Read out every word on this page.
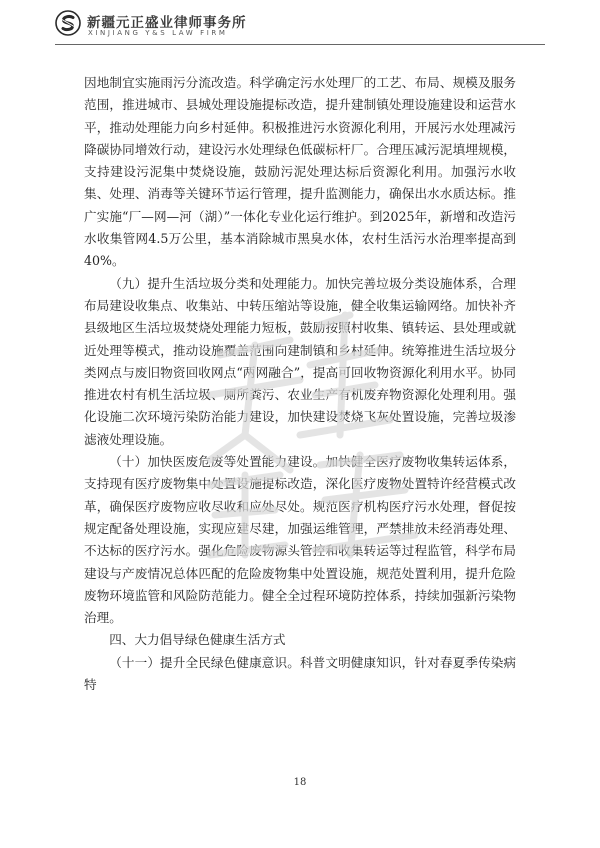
新疆元正盛业律师事务所
XINJIANG Y&S LAW FIRM

因地制宜实施雨污分流改造。科学确定污水处理厂的工艺、布局、规模及服务范围，推进城市、县城处理设施提标改造，提升建制镇处理设施建设和运营水平，推动处理能力向乡村延伸。积极推进污水资源化利用，开展污水处理减污降碳协同增效行动，建设污水处理绿色低碳标杆厂。合理压减污泥填埋规模，支持建设污泥集中焚烧设施，鼓励污泥处理达标后资源化利用。加强污水收集、处理、消毒等关键环节运行管理，提升监测能力，确保出水水质达标。推广实施“厂—网—河（湖）”一体化专业化运行维护。到2025年，新增和改造污水收集管网4.5万公里，基本消除城市黑臭水体，农村生活污水治理率提高到40%。

（九）提升生活垃圾分类和处理能力。加快完善垃圾分类设施体系，合理布局建设收集点、收集站、中转压缩站等设施，健全收集运输网络。加快补齐县级地区生活垃圾焚烧处理能力短板，鼓励按照村收集、镇转运、县处理或就近处理等模式，推动设施覆盖范围向建制镇和乡村延伸。统筹推进生活垃圾分类网点与废旧物资回收网点“两网融合”，提高可回收物资源化利用水平。协同推进农村有机生活垃圾、厕所粪污、农业生产有机废弃物资源化处理利用。强化设施二次环境污染防治能力建设，加快建设焚烧飞灰处置设施，完善垃圾渗滤液处理设施。

（十）加快医废危废等处置能力建设。加快健全医疗废物收集转运体系，支持现有医疗废物集中处置设施提标改造，深化医疗废物处置特许经营模式改革，确保医疗废物应收尽收和应处尽处。规范医疗机构医疗污水处理，督促按规定配备处理设施，实现应建尽建，加强运维管理，严禁排放未经消毒处理、不达标的医疗污水。强化危险废物源头管控和收集转运等过程监管，科学布局建设与产废情况总体匹配的危险废物集中处置设施，规范处置利用，提升危险废物环境监管和风险防范能力。健全全过程环境防控体系，持续加强新污染物治理。

四、大力倡导绿色健康生活方式

（十一）提升全民绿色健康意识。科普文明健康知识，针对春夏季传染病特

18
